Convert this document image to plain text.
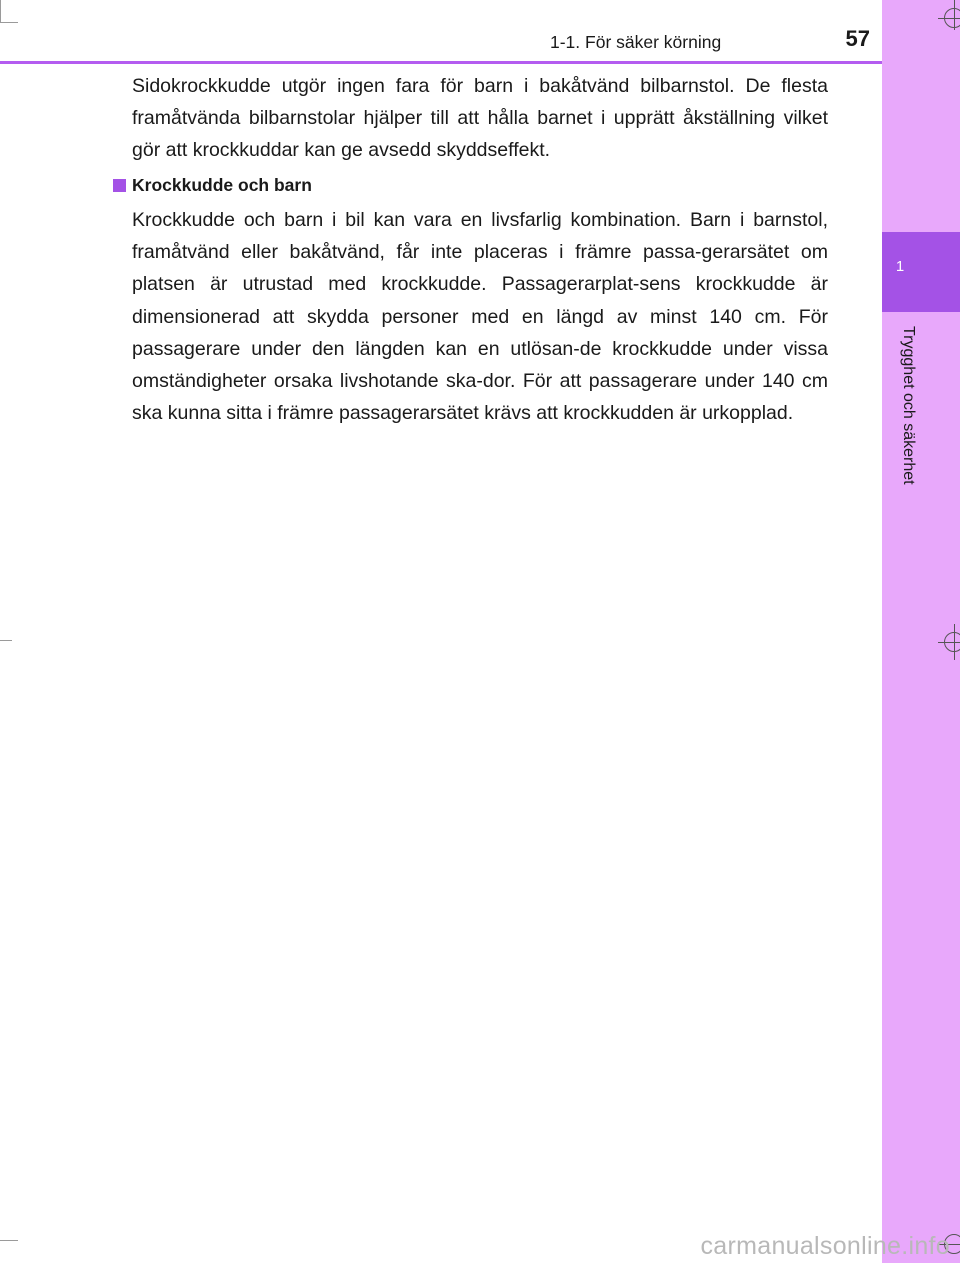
1
Trygghet och säkerhet
1-1. För säker körning	57

Sidokrockkudde utgör ingen fara för barn i bakåtvänd bilbarnstol. De flesta framåtvända bilbarnstolar hjälper till att hålla barnet i upprätt åkställning vilket gör att krockkuddar kan ge avsedd skyddseffekt.

Krockkudde och barn

Krockkudde och barn i bil kan vara en livsfarlig kombination. Barn i barnstol, framåtvänd eller bakåtvänd, får inte placeras i främre passa-gerarsätet om platsen är utrustad med krockkudde. Passagerarplat-sens krockkudde är dimensionerad att skydda personer med en längd av minst 140 cm. För passagerare under den längden kan en utlösan-de krockkudde under vissa omständigheter orsaka livshotande ska-dor. För att passagerare under 140 cm ska kunna sitta i främre passagerarsätet krävs att krockkudden är urkopplad.

carmanualsonline.info
